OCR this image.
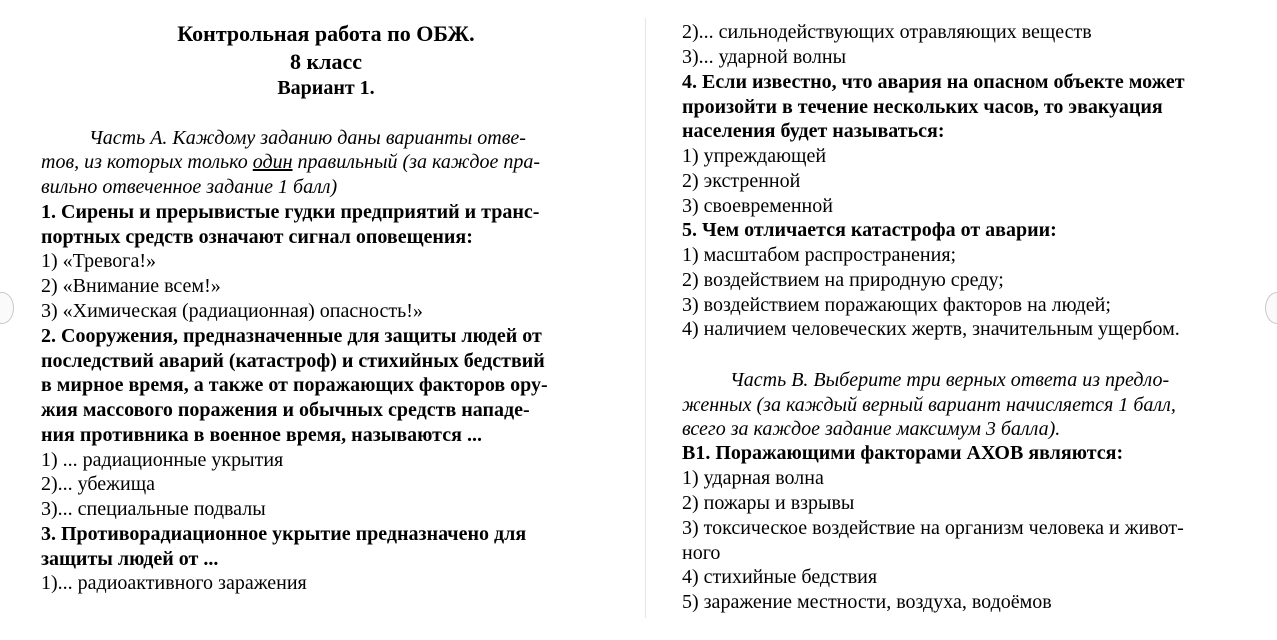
Контрольная работа по ОБЖ.
8 класс
Вариант 1.
Часть А. Каждому заданию даны варианты отве-
тов, из которых только один правильный (за каждое пра-
вильно отвеченное задание 1 балл)
1. Сирены и прерывистые гудки предприятий и транс-
портных средств означают сигнал оповещения:
1) «Тревога!»
2) «Внимание всем!»
3) «Химическая (радиационная) опасность!»
2. Сооружения, предназначенные для защиты людей от
последствий аварий (катастроф) и стихийных бедствий
в мирное время, а также от поражающих факторов ору-
жия массового поражения и обычных средств нападе-
ния противника в военное время, называются ...
1) ... радиационные укрытия
2)... убежища
3)... специальные подвалы
3. Противорадиационное укрытие предназначено для
защиты людей от ...
1)... радиоактивного заражения
2)... сильнодействующих отравляющих веществ
3)... ударной волны
4. Если известно, что авария на опасном объекте может
произойти в течение нескольких часов, то эвакуация
населения будет называться:
1) упреждающей
2) экстренной
3) своевременной
5. Чем отличается катастрофа от аварии:
1) масштабом распространения;
2) воздействием на природную среду;
3) воздействием поражающих факторов на людей;
4) наличием человеческих жертв, значительным ущербом.
Часть В. Выберите три верных ответа из предло-
женных (за каждый верный вариант начисляется 1 балл,
всего за каждое задание максимум 3 балла).
В1. Поражающими факторами АХОВ являются:
1) ударная волна
2) пожары и взрывы
3) токсическое воздействие на организм человека и живот-
ного
4) стихийные бедствия
5) заражение местности, воздуха, водоёмов
